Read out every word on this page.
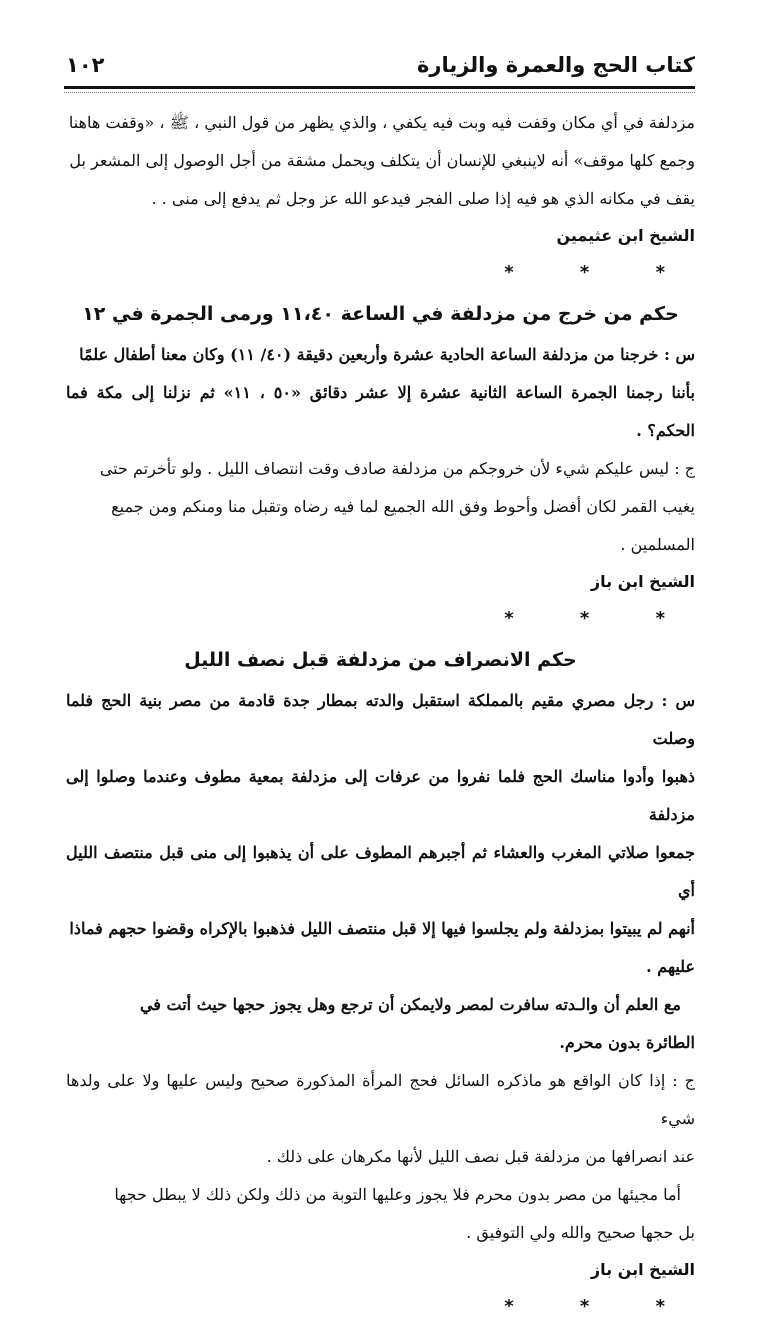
كتاب الحج والعمرة والزيارة
١٠٢

مزدلفة في أي مكان وقفت فيه وبت فيه يكفي ، والذي يظهر من قول النبي ، ﷺ ، «وقفت هاهنا

وجمع كلها موقف» أنه لاينبغي للإنسان أن يتكلف ويحمل مشقة من أجل الوصول إلى المشعر بل

يقف في مكانه الذي هو فيه إذا صلى الفجر فيدعو الله عز وجل ثم يدفع إلى منى . .

الشيخ ابن عثيمين

* * *

حكم من خرج من مزدلفة في الساعة ١١،٤٠ ورمى الجمرة في ١٢

س : خرجنا من مزدلفة الساعة الحادية عشرة وأربعين دقيقة (٤٠/ ١١) وكان معنا أطفال علمًا

بأننا رجمنا الجمرة الساعة الثانية عشرة إلا عشر دقائق «٥٠ ، ١١» ثم نزلنا إلى مكة فما الحكم؟ .

ج : ليس عليكم شيء لأن خروجكم من مزدلفة صادف وقت انتصاف الليل . ولو تأخرتم حتى

يغيب القمر لكان أفضل وأحوط وفق الله الجميع لما فيه رضاه وتقبل منا ومنكم ومن جميع

المسلمين .

الشيخ ابن باز

* * *

حكم الانصراف من مزدلفة قبل نصف الليل

س : رجل مصري مقيم بالمملكة استقبل والدته بمطار جدة قادمة من مصر بنية الحج فلما وصلت

ذهبوا وأدوا مناسك الحج فلما نفروا من عرفات إلى مزدلفة بمعية مطوف وعندما وصلوا إلى مزدلفة

جمعوا صلاتي المغرب والعشاء ثم أجبرهم المطوف على أن يذهبوا إلى منى قبل منتصف الليل أي

أنهم لم يبيتوا بمزدلفة ولم يجلسوا فيها إلا قبل منتصف الليل فذهبوا بالإكراه وقضوا حجهم فماذا

عليهم .

مع العلم أن والـدته سافرت لمصر ولايمكن أن ترجع وهل يجوز حجها حيث أتت في

الطائرة بدون محرم.

ج : إذا كان الواقع هو ماذكره السائل فحج المرأة المذكورة صحيح وليس عليها ولا على ولدها شيء

عند انصرافها من مزدلفة قبل نصف الليل لأنها مكرهان على ذلك .

أما مجيئها من مصر بدون محرم فلا يجوز وعليها التوبة من ذلك ولكن ذلك لا يبطل حجها

بل حجها صحيح والله ولي التوفيق .

الشيخ ابن باز

* * *
